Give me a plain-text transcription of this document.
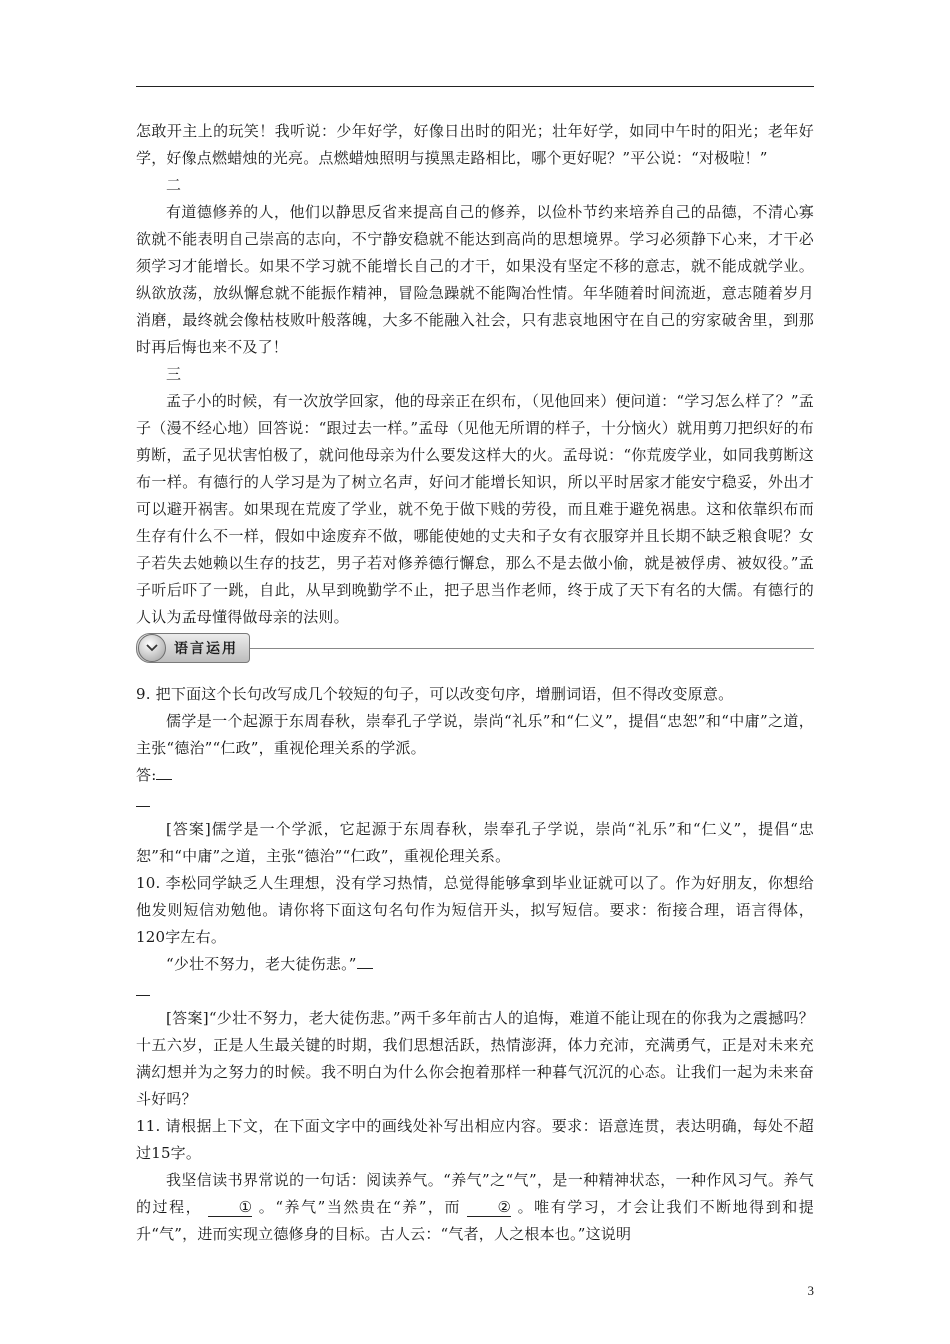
怎敢开主上的玩笑！我听说：少年好学，好像日出时的阳光；壮年好学，如同中午时的阳光；老年好学，好像点燃蜡烛的光亮。点燃蜡烛照明与摸黑走路相比，哪个更好呢？”平公说：“对极啦！”

二

有道德修养的人，他们以静思反省来提高自己的修养，以俭朴节约来培养自己的品德，不清心寡欲就不能表明自己崇高的志向，不宁静安稳就不能达到高尚的思想境界。学习必须静下心来，才干必须学习才能增长。如果不学习就不能增长自己的才干，如果没有坚定不移的意志，就不能成就学业。纵欲放荡，放纵懈怠就不能振作精神，冒险急躁就不能陶冶性情。年华随着时间流逝，意志随着岁月消磨，最终就会像枯枝败叶般落魄，大多不能融入社会，只有悲哀地困守在自己的穷家破舍里，到那时再后悔也来不及了！

三

孟子小的时候，有一次放学回家，他的母亲正在织布，（见他回来）便问道：“学习怎么样了？”孟子（漫不经心地）回答说：“跟过去一样。”孟母（见他无所谓的样子，十分恼火）就用剪刀把织好的布剪断，孟子见状害怕极了，就问他母亲为什么要发这样大的火。孟母说：“你荒废学业，如同我剪断这布一样。有德行的人学习是为了树立名声，好问才能增长知识，所以平时居家才能安宁稳妥，外出才可以避开祸害。如果现在荒废了学业，就不免于做下贱的劳役，而且难于避免祸患。这和依靠织布而生存有什么不一样，假如中途废弃不做，哪能使她的丈夫和子女有衣服穿并且长期不缺乏粮食呢？女子若失去她赖以生存的技艺，男子若对修养德行懈怠，那么不是去做小偷，就是被俘虏、被奴役。”孟子听后吓了一跳，自此，从早到晚勤学不止，把子思当作老师，终于成了天下有名的大儒。有德行的人认为孟母懂得做母亲的法则。

语言运用

9. 把下面这个长句改写成几个较短的句子，可以改变句序，增删词语，但不得改变原意。

儒学是一个起源于东周春秋，崇奉孔子学说，崇尚“礼乐”和“仁义”，提倡“忠恕”和“中庸”之道，主张“德治”“仁政”，重视伦理关系的学派。

答:

[答案]儒学是一个学派，它起源于东周春秋，崇奉孔子学说，崇尚“礼乐”和“仁义”，提倡“忠恕”和“中庸”之道，主张“德治”“仁政”，重视伦理关系。

10. 李松同学缺乏人生理想，没有学习热情，总觉得能够拿到毕业证就可以了。作为好朋友，你想给他发则短信劝勉他。请你将下面这句名句作为短信开头，拟写短信。要求：衔接合理，语言得体，120字左右。

“少壮不努力，老大徒伤悲。”

[答案]“少壮不努力，老大徒伤悲。”两千多年前古人的追悔，难道不能让现在的你我为之震撼吗？十五六岁，正是人生最关键的时期，我们思想活跃，热情澎湃，体力充沛，充满勇气，正是对未来充满幻想并为之努力的时候。我不明白为什么你会抱着那样一种暮气沉沉的心态。让我们一起为未来奋斗好吗？

11. 请根据上下文，在下面文字中的画线处补写出相应内容。要求：语意连贯，表达明确，每处不超过15字。

我坚信读书界常说的一句话：阅读养气。“养气”之“气”，是一种精神状态，一种作风习气。养气的过程， ① 。“养气”当然贵在“养”，而 ② 。唯有学习，才会让我们不断地得到和提升“气”，进而实现立德修身的目标。古人云：“气者，人之根本也。”这说明

3
